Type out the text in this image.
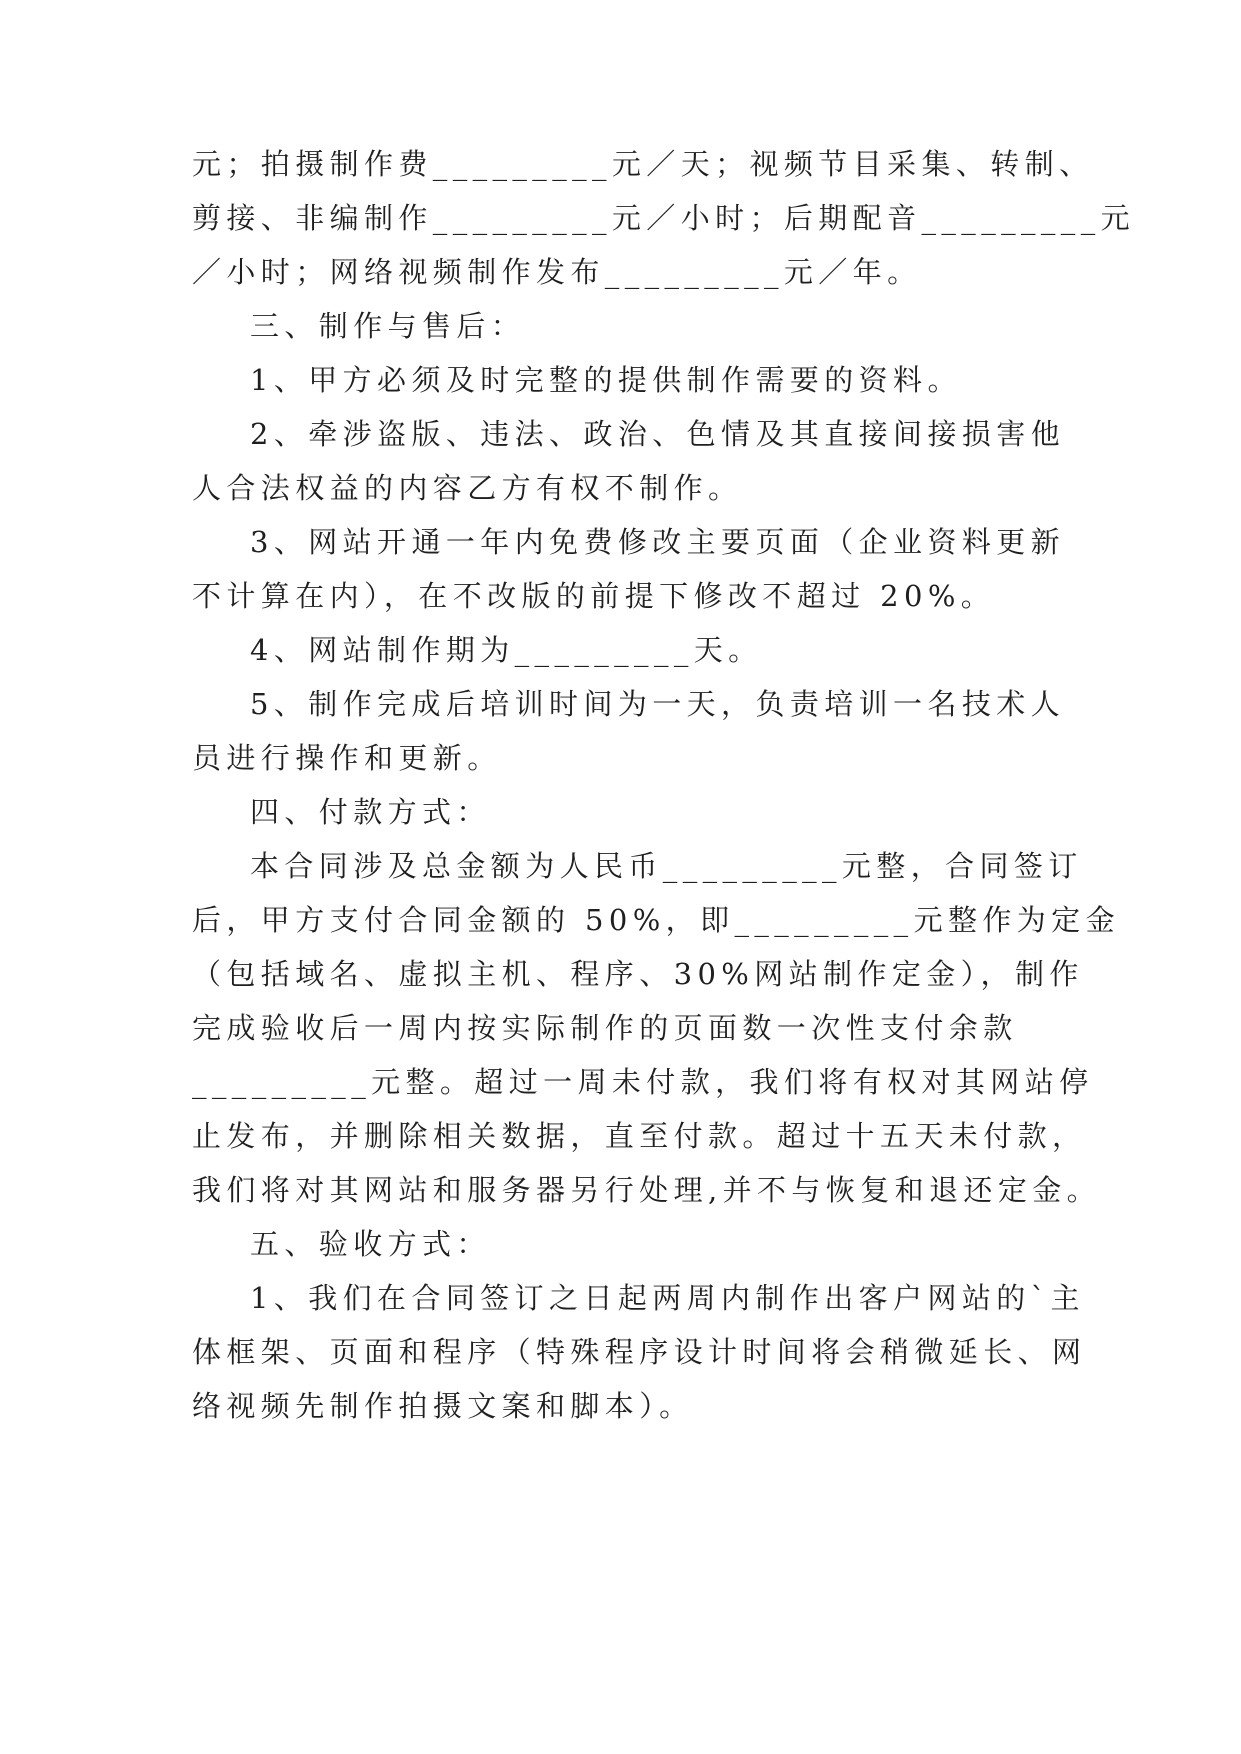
元；拍摄制作费_________元／天；视频节目采集、转制、
剪接、非编制作_________元／小时；后期配音_________元
／小时；网络视频制作发布_________元／年。
三、制作与售后：
1、甲方必须及时完整的提供制作需要的资料。
2、牵涉盗版、违法、政治、色情及其直接间接损害他
人合法权益的内容乙方有权不制作。
3、网站开通一年内免费修改主要页面（企业资料更新
不计算在内），在不改版的前提下修改不超过 20%。
4、网站制作期为_________天。
5、制作完成后培训时间为一天，负责培训一名技术人
员进行操作和更新。
四、付款方式：
本合同涉及总金额为人民币_________元整，合同签订
后，甲方支付合同金额的 50%，即_________元整作为定金
（包括域名、虚拟主机、程序、30%网站制作定金），制作
完成验收后一周内按实际制作的页面数一次性支付余款
_________元整。超过一周未付款，我们将有权对其网站停
止发布，并删除相关数据，直至付款。超过十五天未付款，
我们将对其网站和服务器另行处理,并不与恢复和退还定金。
五、验收方式：
1、我们在合同签订之日起两周内制作出客户网站的`主
体框架、页面和程序（特殊程序设计时间将会稍微延长、网
络视频先制作拍摄文案和脚本）。
